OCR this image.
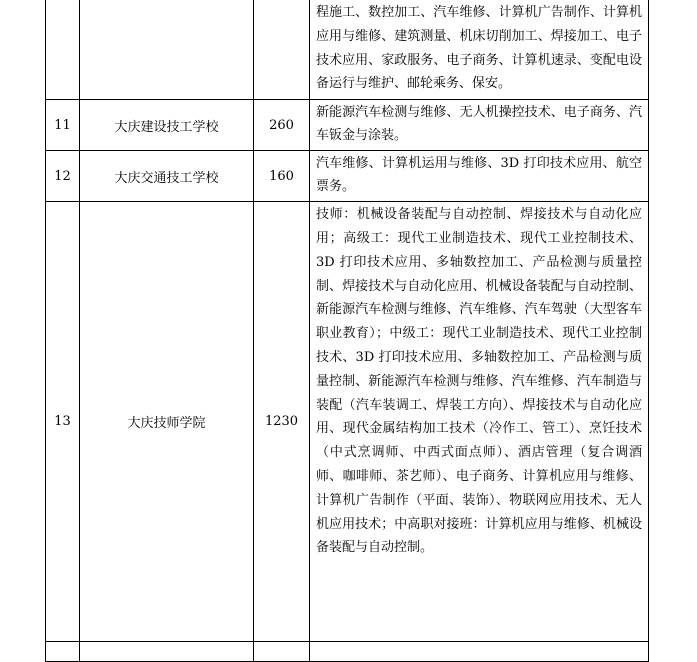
			程施工、数控加工、汽车维修、计算机广告制作、计算机应用与维修、建筑测量、机床切削加工、焊接加工、电子技术应用、家政服务、电子商务、计算机速录、变配电设备运行与维护、邮轮乘务、保安。
11	大庆建设技工学校	260	新能源汽车检测与维修、无人机操控技术、电子商务、汽车钣金与涂装。
12	大庆交通技工学校	160	汽车维修、计算机运用与维修、3D 打印技术应用、航空票务。
13	大庆技师学院	1230	技师：机械设备装配与自动控制、焊接技术与自动化应用；高级工：现代工业制造技术、现代工业控制技术、3D 打印技术应用、多轴数控加工、产品检测与质量控制、焊接技术与自动化应用、机械设备装配与自动控制、新能源汽车检测与维修、汽车维修、汽车驾驶（大型客车职业教育）；中级工：现代工业制造技术、现代工业控制技术、3D 打印技术应用、多轴数控加工、产品检测与质量控制、新能源汽车检测与维修、汽车维修、汽车制造与装配（汽车装调工、焊装工方向）、焊接技术与自动化应用、现代金属结构加工技术（冷作工、管工）、烹饪技术（中式烹调师、中西式面点师）、酒店管理（复合调酒师、咖啡师、茶艺师）、电子商务、计算机应用与维修、计算机广告制作（平面、装饰）、物联网应用技术、无人机应用技术；中高职对接班：计算机应用与维修、机械设备装配与自动控制。
